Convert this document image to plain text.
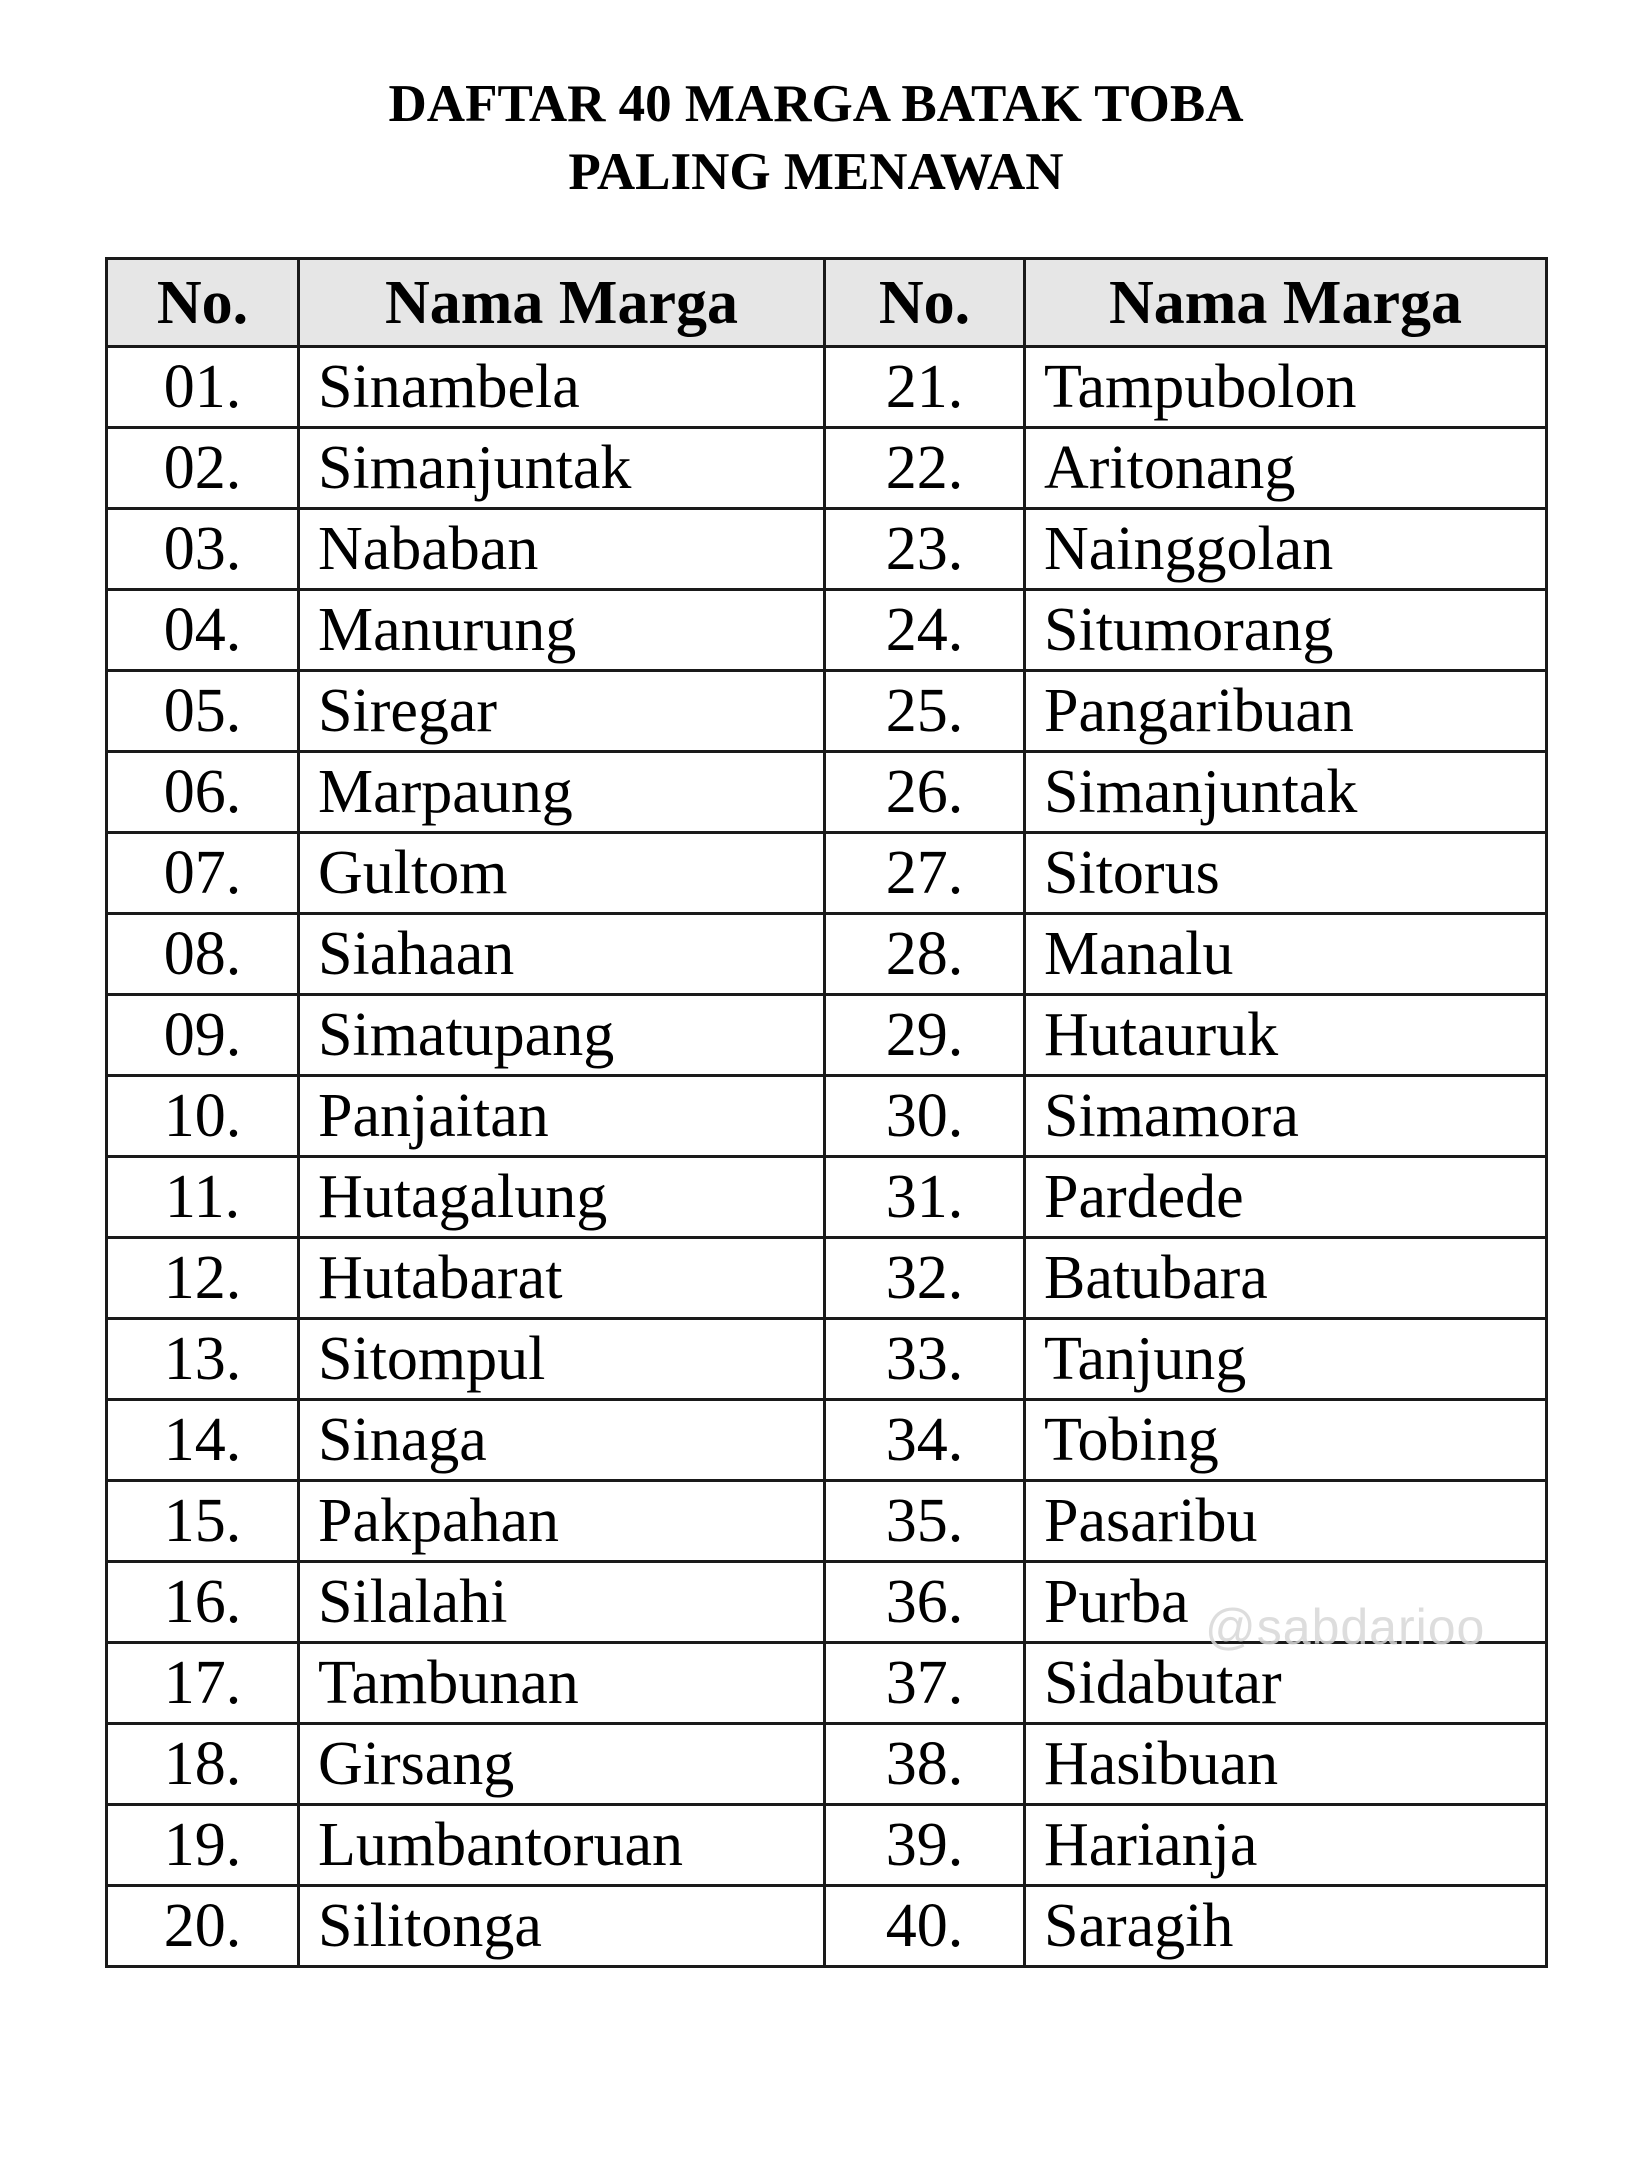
DAFTAR 40 MARGA BATAK TOBA
PALING MENAWAN
No.	Nama Marga	No.	Nama Marga
01.	Sinambela	21.	Tampubolon
02.	Simanjuntak	22.	Aritonang
03.	Nababan	23.	Nainggolan
04.	Manurung	24.	Situmorang
05.	Siregar	25.	Pangaribuan
06.	Marpaung	26.	Simanjuntak
07.	Gultom	27.	Sitorus
08.	Siahaan	28.	Manalu
09.	Simatupang	29.	Hutauruk
10.	Panjaitan	30.	Simamora
11.	Hutagalung	31.	Pardede
12.	Hutabarat	32.	Batubara
13.	Sitompul	33.	Tanjung
14.	Sinaga	34.	Tobing
15.	Pakpahan	35.	Pasaribu
16.	Silalahi	36.	Purba
17.	Tambunan	37.	Sidabutar
18.	Girsang	38.	Hasibuan
19.	Lumbantoruan	39.	Harianja
20.	Silitonga	40.	Saragih
@sabdarioo
